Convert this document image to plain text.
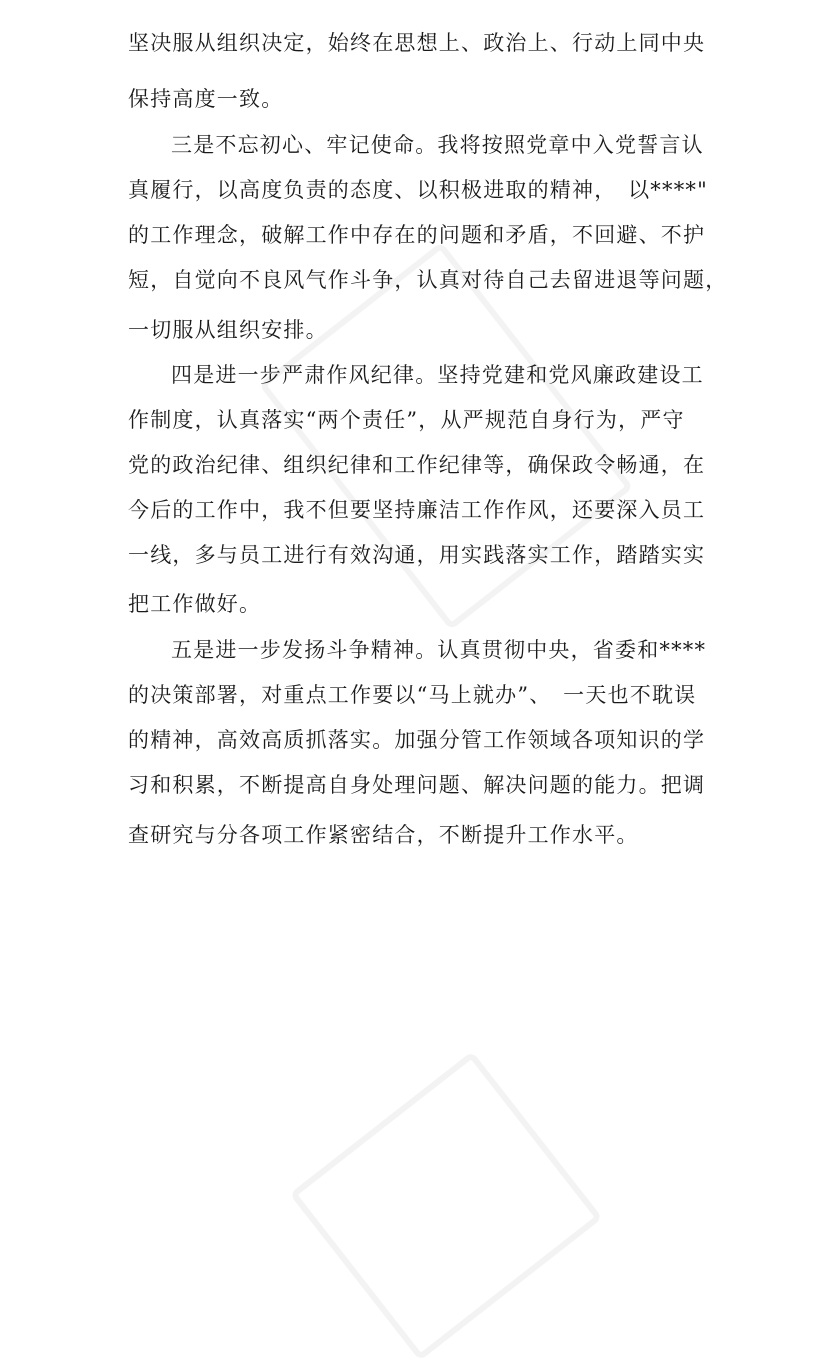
坚决服从组织决定，始终在思想上、政治上、行动上同中央
保持高度一致。
三是不忘初心、牢记使命。我将按照党章中入党誓言认
真履行，以高度负责的态度、以积极进取的精神，　以****"
的工作理念，破解工作中存在的问题和矛盾，不回避、不护
短，自觉向不良风气作斗争，认真对待自己去留进退等问题，
一切服从组织安排。
四是进一步严肃作风纪律。坚持党建和党风廉政建设工
作制度，认真落实“两个责任”，从严规范自身行为，严守
党的政治纪律、组织纪律和工作纪律等，确保政令畅通，在
今后的工作中，我不但要坚持廉洁工作作风，还要深入员工
一线，多与员工进行有效沟通，用实践落实工作，踏踏实实
把工作做好。
五是进一步发扬斗争精神。认真贯彻中央，省委和****
的决策部署，对重点工作要以“马上就办”、　一天也不耽误
的精神，高效高质抓落实。加强分管工作领域各项知识的学
习和积累，不断提高自身处理问题、解决问题的能力。把调
查研究与分各项工作紧密结合，不断提升工作水平。
